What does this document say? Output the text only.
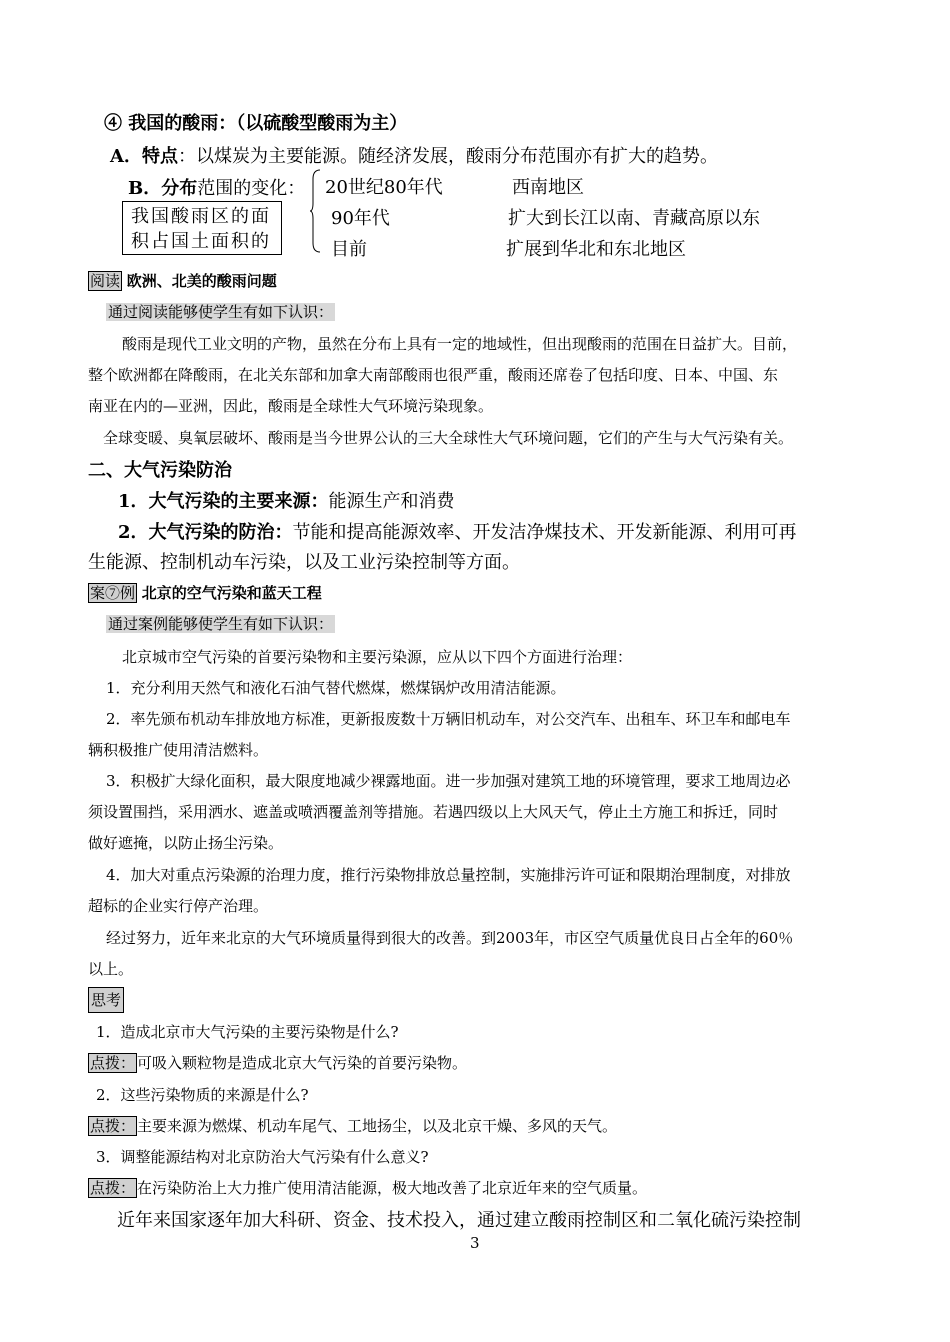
④ 我国的酸雨：（以硫酸型酸雨为主）
A．特点：以煤炭为主要能源。随经济发展，酸雨分布范围亦有扩大的趋势。
B．分布范围的变化：
我国酸雨区的面积占国土面积的
20世纪80年代	西南地区
90年代	扩大到长江以南、青藏高原以东
目前	扩展到华北和东北地区
阅读 欧洲、北美的酸雨问题
通过阅读能够使学生有如下认识：
酸雨是现代工业文明的产物，虽然在分布上具有一定的地域性，但出现酸雨的范围在日益扩大。目前，
整个欧洲都在降酸雨，在北关东部和加拿大南部酸雨也很严重，酸雨还席卷了包括印度、日本、中国、东
南亚在内的—亚洲，因此，酸雨是全球性大气环境污染现象。
全球变暖、臭氧层破坏、酸雨是当今世界公认的三大全球性大气环境问题，它们的产生与大气污染有关。
二、大气污染防治
1．大气污染的主要来源：能源生产和消费
2．大气污染的防治：节能和提高能源效率、开发洁净煤技术、开发新能源、利用可再
生能源、控制机动车污染，以及工业污染控制等方面。
案⑦例 北京的空气污染和蓝天工程
通过案例能够使学生有如下认识：
北京城市空气污染的首要污染物和主要污染源，应从以下四个方面进行治理：
1．充分利用天然气和液化石油气替代燃煤，燃煤锅炉改用清洁能源。
2．率先颁布机动车排放地方标准，更新报废数十万辆旧机动车，对公交汽车、出租车、环卫车和邮电车
辆积极推广使用清洁燃料。
3．积极扩大绿化面积，最大限度地减少裸露地面。进一步加强对建筑工地的环境管理，要求工地周边必
须设置围挡，采用洒水、遮盖或喷洒覆盖剂等措施。若遇四级以上大风天气，停止土方施工和拆迁，同时
做好遮掩，以防止扬尘污染。
4．加大对重点污染源的治理力度，推行污染物排放总量控制，实施排污许可证和限期治理制度，对排放
超标的企业实行停产治理。
经过努力，近年来北京的大气环境质量得到很大的改善。到2003年，市区空气质量优良日占全年的60％
以上。
思考
1．造成北京市大气污染的主要污染物是什么?
点拨： 可吸入颗粒物是造成北京大气污染的首要污染物。
2．这些污染物质的来源是什么?
点拨： 主要来源为燃煤、机动车尾气、工地扬尘，以及北京干燥、多风的天气。
3．调整能源结构对北京防治大气污染有什么意义?
点拨： 在污染防治上大力推广使用清洁能源，极大地改善了北京近年来的空气质量。
近年来国家逐年加大科研、资金、技术投入，通过建立酸雨控制区和二氧化硫污染控制
3
